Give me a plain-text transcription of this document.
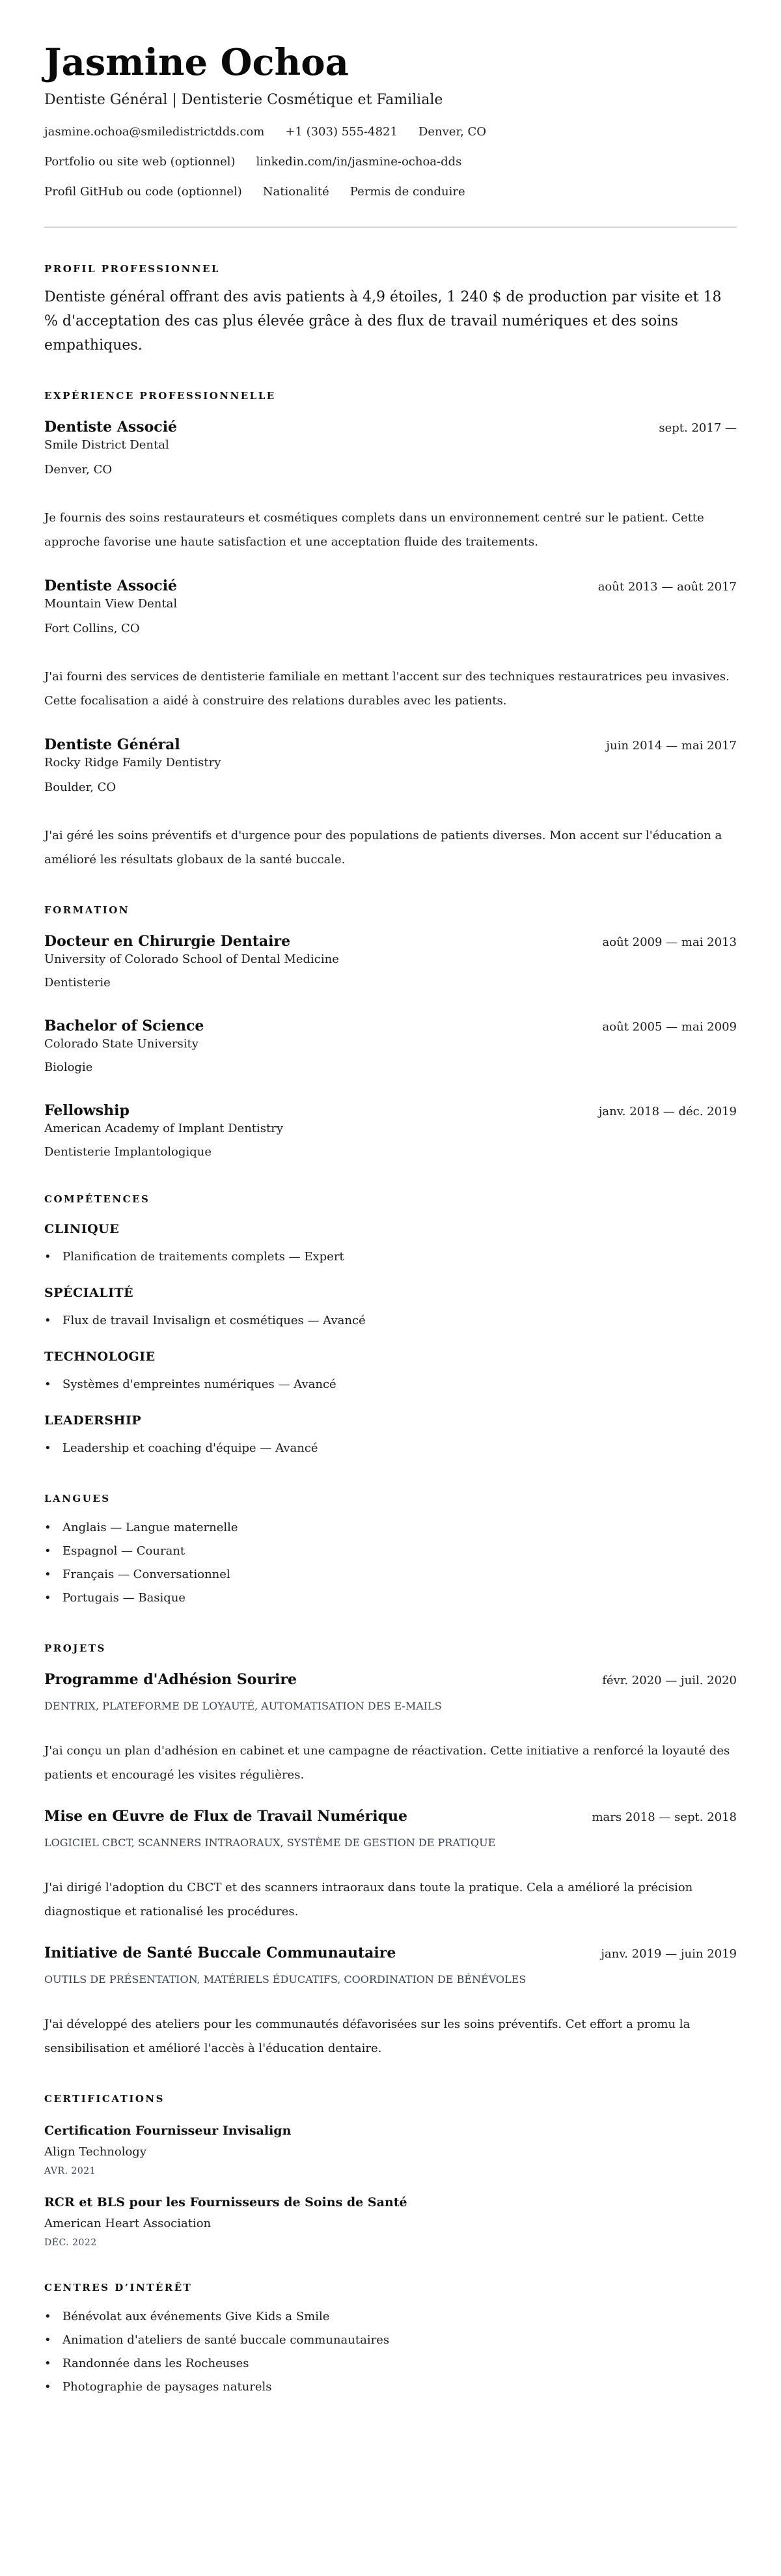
Jasmine Ochoa
Dentiste Général | Dentisterie Cosmétique et Familiale
jasmine.ochoa@smiledistrictdds.com +1 (303) 555-4821 Denver, CO
Portfolio ou site web (optionnel) linkedin.com/in/jasmine-ochoa-dds
Profil GitHub ou code (optionnel) Nationalité Permis de conduire
PROFIL PROFESSIONNEL

Dentiste général offrant des avis patients à 4,9 étoiles, 1 240 $ de production par visite et 18 % d'acceptation des cas plus élevée grâce à des flux de travail numériques et des soins empathiques.

EXPÉRIENCE PROFESSIONNELLE
Dentiste Associé	sept. 2017 —
Smile District Dental
Denver, CO

Je fournis des soins restaurateurs et cosmétiques complets dans un environnement centré sur le patient. Cette approche favorise une haute satisfaction et une acceptation fluide des traitements.

Dentiste Associé	août 2013 — août 2017
Mountain View Dental
Fort Collins, CO

J'ai fourni des services de dentisterie familiale en mettant l'accent sur des techniques restauratrices peu invasives. Cette focalisation a aidé à construire des relations durables avec les patients.

Dentiste Général	juin 2014 — mai 2017
Rocky Ridge Family Dentistry
Boulder, CO

J'ai géré les soins préventifs et d'urgence pour des populations de patients diverses. Mon accent sur l'éducation a amélioré les résultats globaux de la santé buccale.

FORMATION
Docteur en Chirurgie Dentaire	août 2009 — mai 2013
University of Colorado School of Dental Medicine
Dentisterie
Bachelor of Science	août 2005 — mai 2009
Colorado State University
Biologie
Fellowship	janv. 2018 — déc. 2019
American Academy of Implant Dentistry
Dentisterie Implantologique
COMPÉTENCES
CLINIQUE
• Planification de traitements complets — Expert
SPÉCIALITÉ
• Flux de travail Invisalign et cosmétiques — Avancé
TECHNOLOGIE
• Systèmes d'empreintes numériques — Avancé
LEADERSHIP
• Leadership et coaching d'équipe — Avancé
LANGUES
• Anglais — Langue maternelle
• Espagnol — Courant
• Français — Conversationnel
• Portugais — Basique
PROJETS
Programme d'Adhésion Sourire	févr. 2020 — juil. 2020
DENTRIX, PLATEFORME DE LOYAUTÉ, AUTOMATISATION DES E-MAILS

J'ai conçu un plan d'adhésion en cabinet et une campagne de réactivation. Cette initiative a renforcé la loyauté des patients et encouragé les visites régulières.

Mise en Œuvre de Flux de Travail Numérique	mars 2018 — sept. 2018
LOGICIEL CBCT, SCANNERS INTRAORAUX, SYSTÈME DE GESTION DE PRATIQUE

J'ai dirigé l'adoption du CBCT et des scanners intraoraux dans toute la pratique. Cela a amélioré la précision diagnostique et rationalisé les procédures.

Initiative de Santé Buccale Communautaire	janv. 2019 — juin 2019
OUTILS DE PRÉSENTATION, MATÉRIELS ÉDUCATIFS, COORDINATION DE BÉNÉVOLES

J'ai développé des ateliers pour les communautés défavorisées sur les soins préventifs. Cet effort a promu la sensibilisation et amélioré l'accès à l'éducation dentaire.

CERTIFICATIONS
Certification Fournisseur Invisalign
Align Technology
AVR. 2021
RCR et BLS pour les Fournisseurs de Soins de Santé
American Heart Association
DÉC. 2022
CENTRES D’INTÉRÊT
• Bénévolat aux événements Give Kids a Smile
• Animation d'ateliers de santé buccale communautaires
• Randonnée dans les Rocheuses
• Photographie de paysages naturels
